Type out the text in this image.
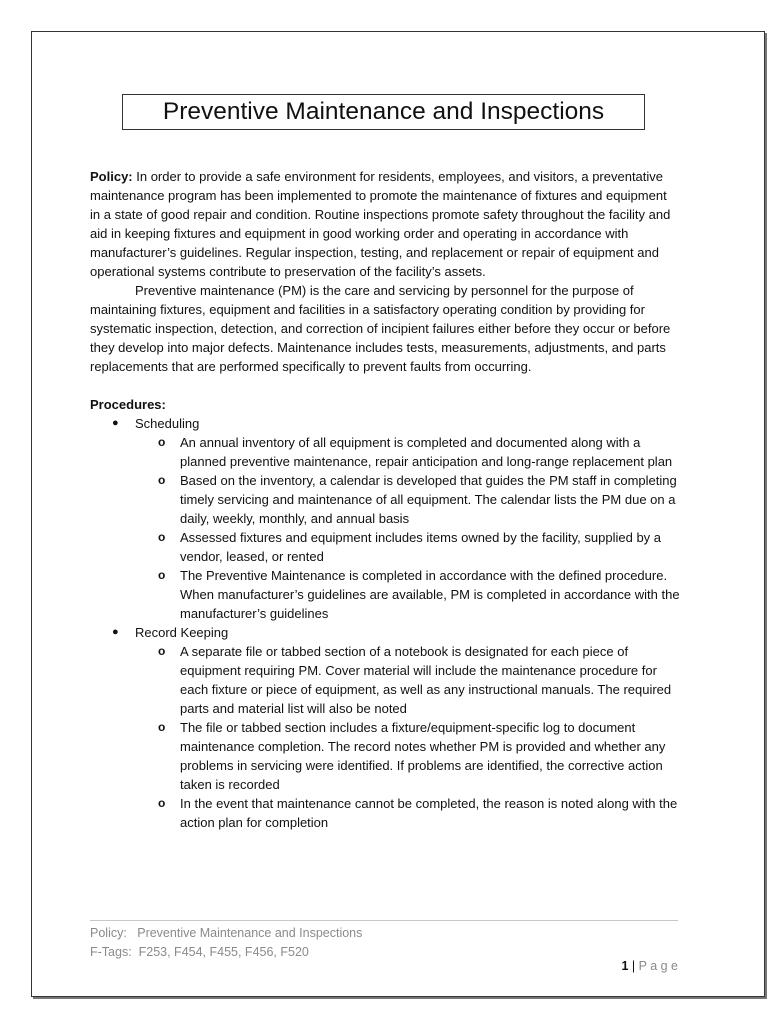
Preventive Maintenance and Inspections

Policy: In order to provide a safe environment for residents, employees, and visitors, a preventative maintenance program has been implemented to promote the maintenance of fixtures and equipment in a state of good repair and condition. Routine inspections promote safety throughout the facility and aid in keeping fixtures and equipment in good working order and operating in accordance with manufacturer’s guidelines. Regular inspection, testing, and replacement or repair of equipment and operational systems contribute to preservation of the facility’s assets.

Preventive maintenance (PM) is the care and servicing by personnel for the purpose of maintaining fixtures, equipment and facilities in a satisfactory operating condition by providing for systematic inspection, detection, and correction of incipient failures either before they occur or before they develop into major defects. Maintenance includes tests, measurements, adjustments, and parts replacements that are performed specifically to prevent faults from occurring.

Procedures:
● Scheduling
o An annual inventory of all equipment is completed and documented along with a planned preventive maintenance, repair anticipation and long-range replacement plan
o Based on the inventory, a calendar is developed that guides the PM staff in completing timely servicing and maintenance of all equipment. The calendar lists the PM due on a daily, weekly, monthly, and annual basis
o Assessed fixtures and equipment includes items owned by the facility, supplied by a vendor, leased, or rented
o The Preventive Maintenance is completed in accordance with the defined procedure. When manufacturer’s guidelines are available, PM is completed in accordance with the manufacturer’s guidelines
● Record Keeping
o A separate file or tabbed section of a notebook is designated for each piece of equipment requiring PM. Cover material will include the maintenance procedure for each fixture or piece of equipment, as well as any instructional manuals. The required parts and material list will also be noted
o The file or tabbed section includes a fixture/equipment-specific log to document maintenance completion. The record notes whether PM is provided and whether any problems in servicing were identified. If problems are identified, the corrective action taken is recorded
o In the event that maintenance cannot be completed, the reason is noted along with the action plan for completion
Policy:   Preventive Maintenance and Inspections
F-Tags:  F253, F454, F455, F456, F520
1 | P a g e
